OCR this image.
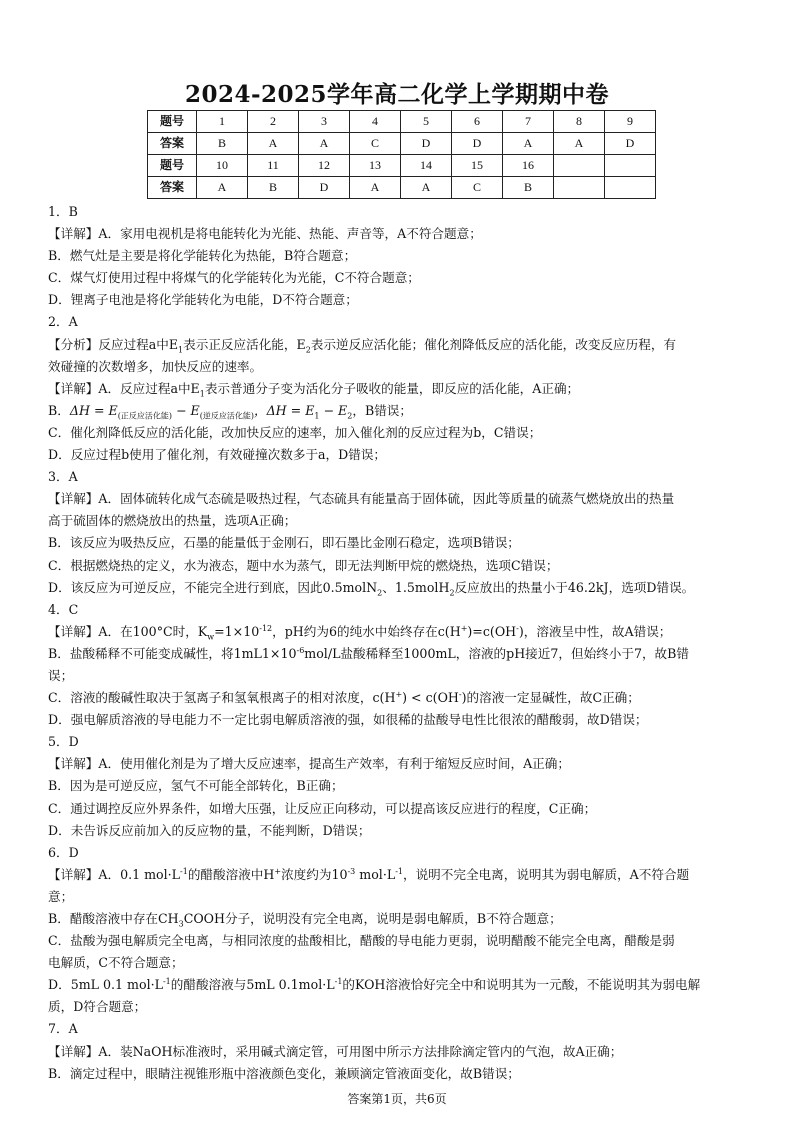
2024-2025学年高二化学上学期期中卷
题号	1	2	3	4	5	6	7	8	9
答案	B	A	A	C	D	D	A	A	D
题号	10	11	12	13	14	15	16		
答案	A	B	D	A	A	C	B		
1．B
【详解】A．家用电视机是将电能转化为光能、热能、声音等，A不符合题意；
B．燃气灶是主要是将化学能转化为热能，B符合题意；
C．煤气灯使用过程中将煤气的化学能转化为光能，C不符合题意；
D．锂离子电池是将化学能转化为电能，D不符合题意；
2．A
【分析】反应过程a中$E_1$表示正反应活化能，$E_2$表示逆反应活化能；催化剂降低反应的活化能，改变反应历程，有
效碰撞的次数增多，加快反应的速率。
【详解】A．反应过程a中$E_1$表示普通分子变为活化分子吸收的能量，即反应的活化能，A正确；
B．$\Delta H = E_{(正反应活化能)} - E_{(逆反应活化能)}$，$\Delta H = E_1 - E_2$，B错误；
C．催化剂降低反应的活化能，改加快反应的速率，加入催化剂的反应过程为b，C错误；
D．反应过程b使用了催化剂，有效碰撞次数多于a，D错误；
3．A
【详解】A．固体硫转化成气态硫是吸热过程，气态硫具有能量高于固体硫，因此等质量的硫蒸气燃烧放出的热量
高于硫固体的燃烧放出的热量，选项A正确；
B．该反应为吸热反应，石墨的能量低于金刚石，即石墨比金刚石稳定，选项B错误；
C．根据燃烧热的定义，水为液态，题中水为蒸气，即无法判断甲烷的燃烧热，选项C错误；
D．该反应为可逆反应，不能完全进行到底，因此0.5molN$_2$、1.5molH$_2$反应放出的热量小于46.2kJ，选项D错误。
4．C
【详解】A．在100°C时，$K_w=1\times 10^{-12}$，pH约为6的纯水中始终存在c(H+)=c(OH-)，溶液呈中性，故A错误；
B．盐酸稀释不可能变成碱性，将$1mL1\times 10^{-6}mol/L$盐酸稀释至1000mL，溶液的pH接近7，但始终小于7，故B错
误；
C．溶液的酸碱性取决于氢离子和氢氧根离子的相对浓度，c(H+) < c(OH-)的溶液一定显碱性，故C正确；
D．强电解质溶液的导电能力不一定比弱电解质溶液的强，如很稀的盐酸导电性比很浓的醋酸弱，故D错误；
5．D
【详解】A．使用催化剂是为了增大反应速率，提高生产效率，有利于缩短反应时间，A正确；
B．因为是可逆反应，氢气不可能全部转化，B正确；
C．通过调控反应外界条件，如增大压强，让反应正向移动，可以提高该反应进行的程度，C正确；
D．未告诉反应前加入的反应物的量，不能判断，D错误；
6．D
【详解】A．0.1 $mol\cdot L^{-1}$的醋酸溶液中H+浓度约为$10^{-3}$ $mol\cdot L^{-1}$，说明不完全电离，说明其为弱电解质，A不符合题
意；
B．醋酸溶液中存在$CH_3COOH$分子，说明没有完全电离，说明是弱电解质，B不符合题意；
C．盐酸为强电解质完全电离，与相同浓度的盐酸相比，醋酸的导电能力更弱，说明醋酸不能完全电离，醋酸是弱
电解质，C不符合题意；
D．5mL 0.1 $mol\cdot L^{-1}$的醋酸溶液与5mL $0.1mol\cdot L^{-1}$的KOH溶液恰好完全中和说明其为一元酸，不能说明其为弱电解
质，D符合题意；
7．A
【详解】A．装NaOH标准液时，采用碱式滴定管，可用图中所示方法排除滴定管内的气泡，故A正确；
B．滴定过程中，眼睛注视锥形瓶中溶液颜色变化，兼顾滴定管液面变化，故B错误；
答案第1页，共6页
